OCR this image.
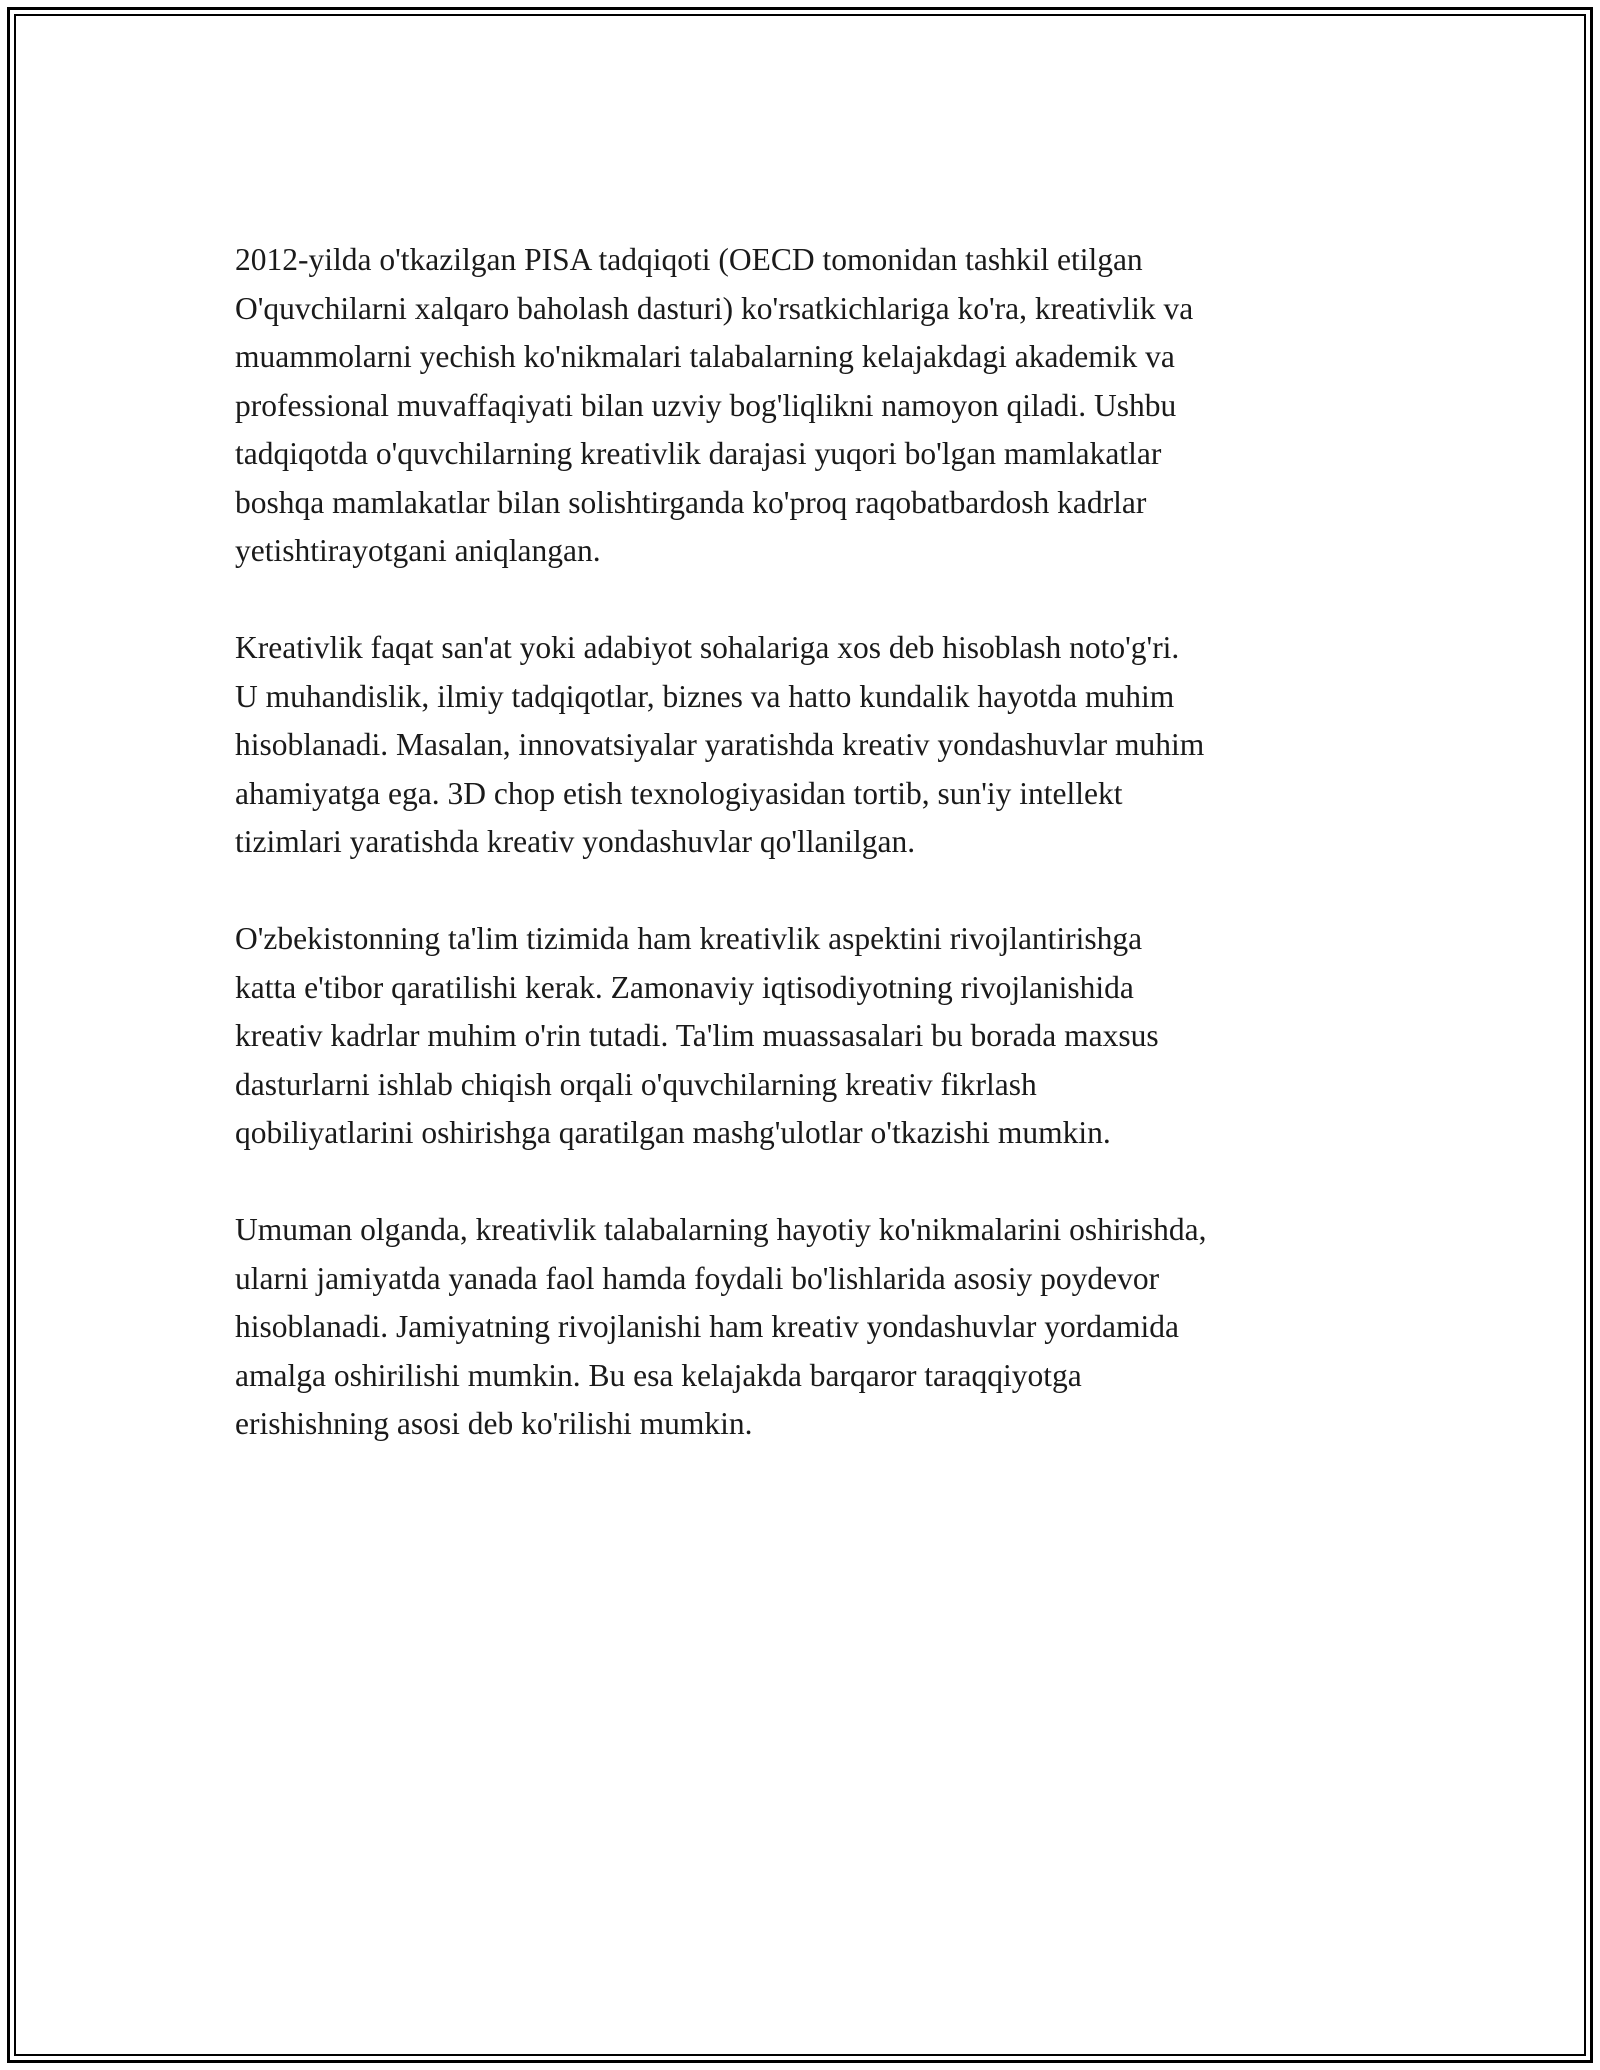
2012-yilda o'tkazilgan PISA tadqiqoti (OECD tomonidan tashkil etilgan
O'quvchilarni xalqaro baholash dasturi) ko'rsatkichlariga ko'ra, kreativlik va
muammolarni yechish ko'nikmalari talabalarning kelajakdagi akademik va
professional muvaffaqiyati bilan uzviy bog'liqlikni namoyon qiladi. Ushbu
tadqiqotda o'quvchilarning kreativlik darajasi yuqori bo'lgan mamlakatlar
boshqa mamlakatlar bilan solishtirganda ko'proq raqobatbardosh kadrlar
yetishtirayotgani aniqlangan.

Kreativlik faqat san'at yoki adabiyot sohalariga xos deb hisoblash noto'g'ri.
U muhandislik, ilmiy tadqiqotlar, biznes va hatto kundalik hayotda muhim
hisoblanadi. Masalan, innovatsiyalar yaratishda kreativ yondashuvlar muhim
ahamiyatga ega. 3D chop etish texnologiyasidan tortib, sun'iy intellekt
tizimlari yaratishda kreativ yondashuvlar qo'llanilgan.

O'zbekistonning ta'lim tizimida ham kreativlik aspektini rivojlantirishga
katta e'tibor qaratilishi kerak. Zamonaviy iqtisodiyotning rivojlanishida
kreativ kadrlar muhim o'rin tutadi. Ta'lim muassasalari bu borada maxsus
dasturlarni ishlab chiqish orqali o'quvchilarning kreativ fikrlash
qobiliyatlarini oshirishga qaratilgan mashg'ulotlar o'tkazishi mumkin.

Umuman olganda, kreativlik talabalarning hayotiy ko'nikmalarini oshirishda,
ularni jamiyatda yanada faol hamda foydali bo'lishlarida asosiy poydevor
hisoblanadi. Jamiyatning rivojlanishi ham kreativ yondashuvlar yordamida
amalga oshirilishi mumkin. Bu esa kelajakda barqaror taraqqiyotga
erishishning asosi deb ko'rilishi mumkin.
